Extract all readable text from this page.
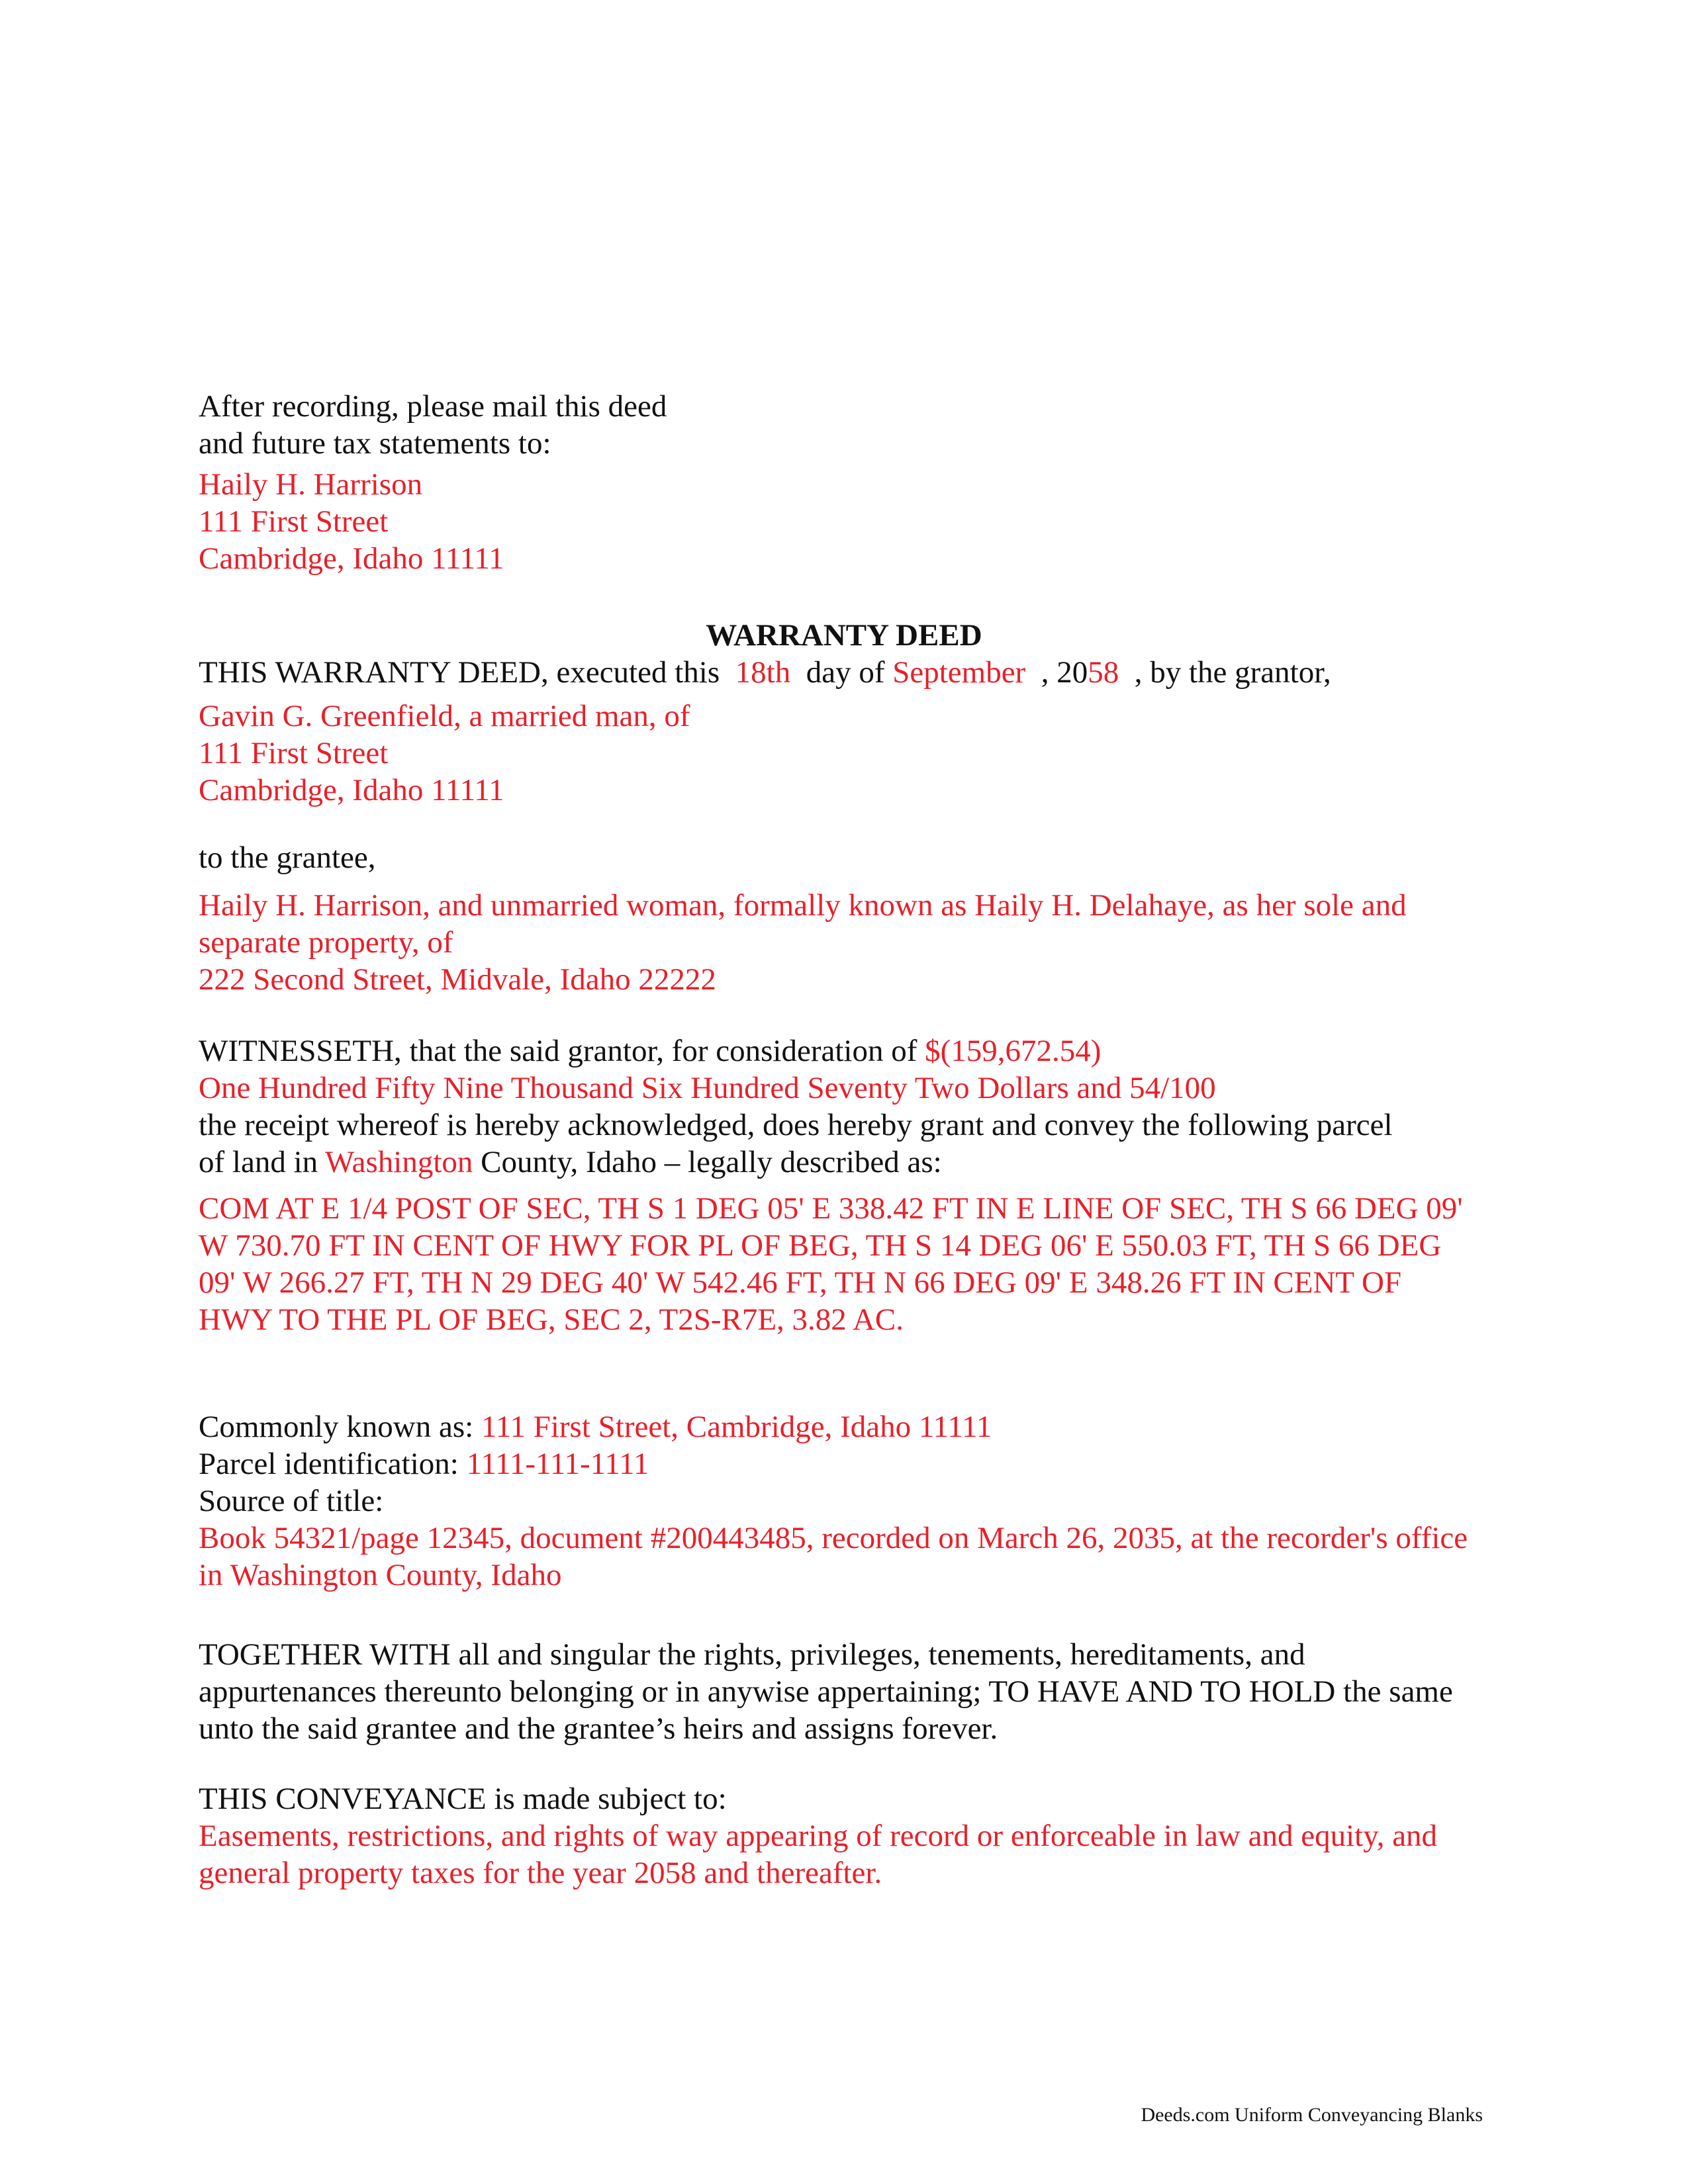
After recording, please mail this deed
and future tax statements to:
Haily H. Harrison
111 First Street
Cambridge, Idaho 11111
WARRANTY DEED
THIS WARRANTY DEED, executed this 18th day of September , 2058 , by the grantor,
Gavin G. Greenfield, a married man, of
111 First Street
Cambridge, Idaho 11111
to the grantee,
Haily H. Harrison, and unmarried woman, formally known as Haily H. Delahaye, as her sole and separate property, of
222 Second Street, Midvale, Idaho 22222
WITNESSETH, that the said grantor, for consideration of $(159,672.54)
One Hundred Fifty Nine Thousand Six Hundred Seventy Two Dollars and 54/100
the receipt whereof is hereby acknowledged, does hereby grant and convey the following parcel
of land in Washington County, Idaho – legally described as:
COM AT E 1/4 POST OF SEC, TH S 1 DEG 05' E 338.42 FT IN E LINE OF SEC, TH S 66 DEG 09' W 730.70 FT IN CENT OF HWY FOR PL OF BEG, TH S 14 DEG 06' E 550.03 FT, TH S 66 DEG 09' W 266.27 FT, TH N 29 DEG 40' W 542.46 FT, TH N 66 DEG 09' E 348.26 FT IN CENT OF HWY TO THE PL OF BEG, SEC 2, T2S-R7E, 3.82 AC.
Commonly known as: 111 First Street, Cambridge, Idaho 11111
Parcel identification: 1111-111-1111
Source of title:
Book 54321/page 12345, document #200443485, recorded on March 26, 2035, at the recorder's office in Washington County, Idaho
TOGETHER WITH all and singular the rights, privileges, tenements, hereditaments, and appurtenances thereunto belonging or in anywise appertaining; TO HAVE AND TO HOLD the same unto the said grantee and the grantee’s heirs and assigns forever.
THIS CONVEYANCE is made subject to:
Easements, restrictions, and rights of way appearing of record or enforceable in law and equity, and general property taxes for the year 2058 and thereafter.
Deeds.com Uniform Conveyancing Blanks
